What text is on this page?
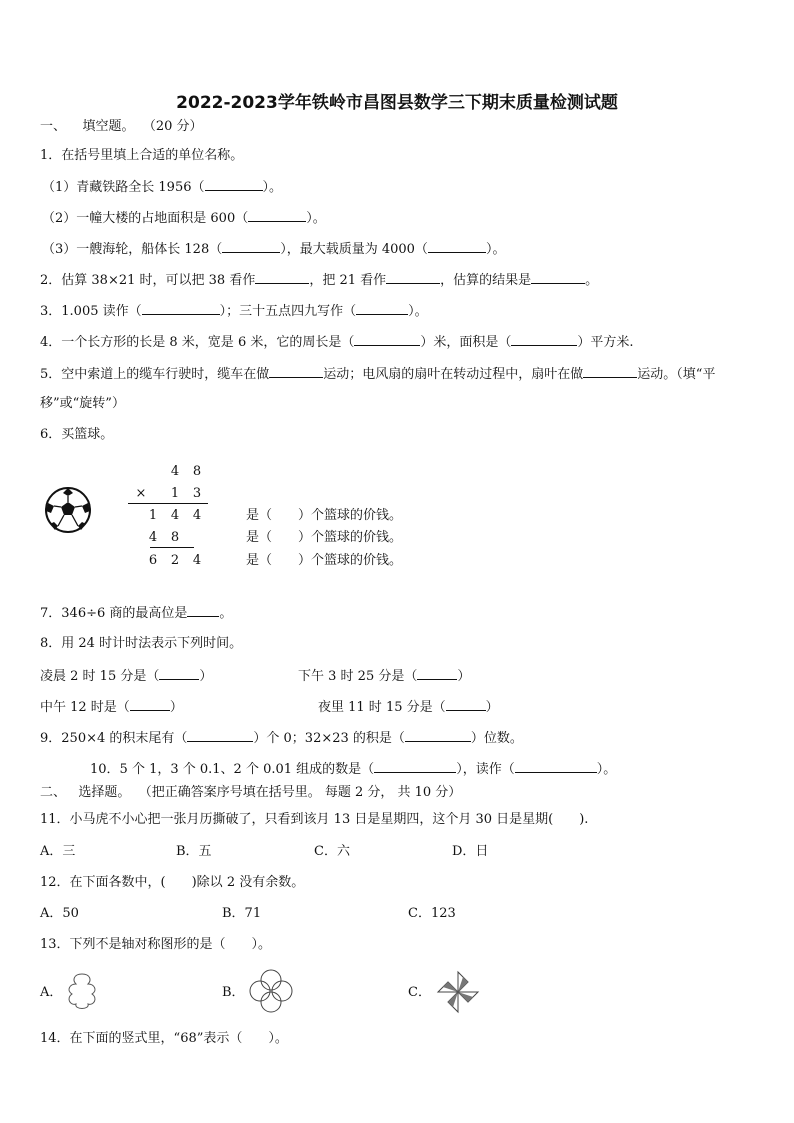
2022-2023学年铁岭市昌图县数学三下期末质量检测试题
一、 填空题。 （20 分）
1．在括号里填上合适的单位名称。
（1）青藏铁路全长 1956（	）。
（2）一幢大楼的占地面积是 600（	）。
（3）一艘海轮，船体长 128（	），最大载质量为 4000（	）。
2．估算 38×21 时，可以把 38 看作	，把 21 看作	，估算的结果是	。
3．1.005 读作（	）；三十五点四九写作（	）。
4．一个长方形的长是 8 米，宽是 6 米，它的周长是（	）米，面积是（	）平方米.
5．空中索道上的缆车行驶时，缆车在做	运动；电风扇的扇叶在转动过程中，扇叶在做	运动。（填“平
移”或“旋转”）
6．买篮球。
4 8
× 1 3
1 4 4
4 8
6 2 4
是（　　）个篮球的价钱。
是（　　）个篮球的价钱。
是（　　）个篮球的价钱。
7．346÷6 商的最高位是 。
8．用 24 时计时法表示下列时间。
凌晨 2 时 15 分是（	）	下午 3 时 25 分是（	）
中午 12 时是（	）	夜里 11 时 15 分是（	）
9．250×4 的积末尾有（	）个 0；32×23 的积是（	）位数。
10．5 个 1，3 个 0.1、2 个 0.01 组成的数是（	），读作（	）。
二、 选择题。 （把正确答案序号填在括号里。 每题 2 分， 共 10 分）
11．小马虎不小心把一张月历撕破了，只看到该月 13 日是星期四，这个月 30 日是星期(　　).
A．三	B．五	C．六	D．日
12．在下面各数中，(　　)除以 2 没有余数。
A．50	B．71	C．123
13．下列不是轴对称图形的是（　　）。
A．	B．	C．
14．在下面的竖式里，“68”表示（　　）。
